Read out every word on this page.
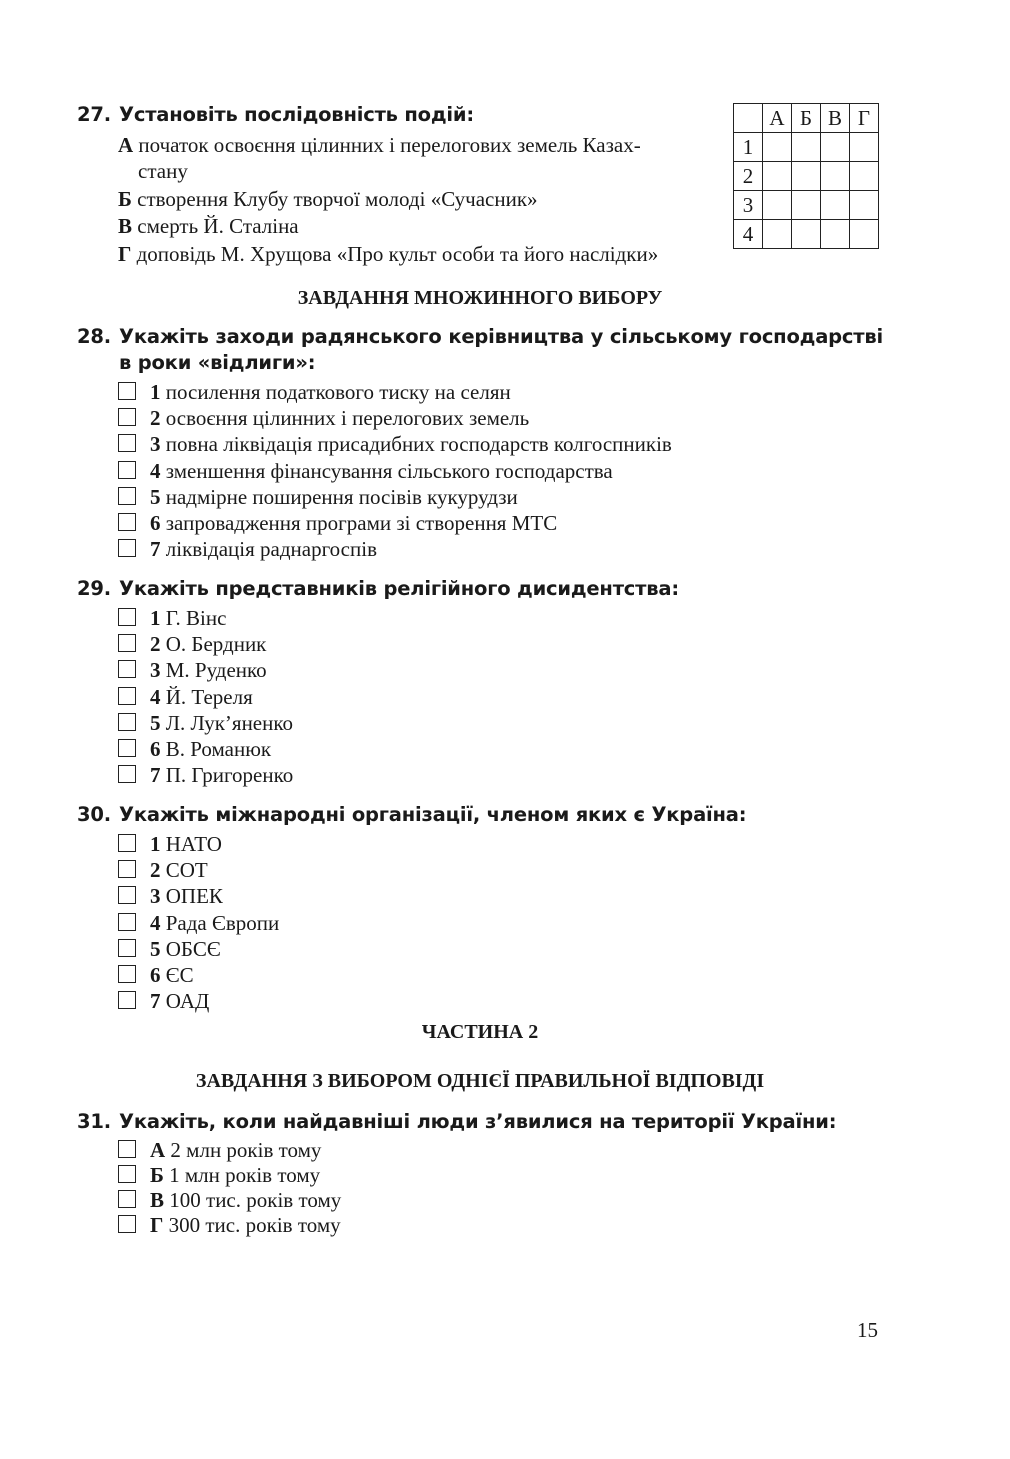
27. Установіть послідовність подій:
А початок освоєння цілинних і перелогових земель Казах-
стану
Б створення Клубу творчої молоді «Сучасник»
В смерть Й. Сталіна
Г доповідь М. Хрущова «Про культ особи та його наслідки»
	А	Б	В	Г
1				
2				
3				
4				
ЗАВДАННЯ МНОЖИННОГО ВИБОРУ
28. Укажіть заходи радянського керівництва у сільському господарстві в роки «відлиги»:
1 посилення податкового тиску на селян
2 освоєння цілинних і перелогових земель
3 повна ліквідація присадибних господарств колгоспників
4 зменшення фінансування сільського господарства
5 надмірне поширення посівів кукурудзи
6 запровадження програми зі створення МТС
7 ліквідація раднаргоспів
29. Укажіть представників релігійного дисидентства:
1 Г. Вінс
2 О. Бердник
3 М. Руденко
4 Й. Тереля
5 Л. Лук’яненко
6 В. Романюк
7 П. Григоренко
30. Укажіть міжнародні організації, членом яких є Україна:
1 НАТО
2 СОТ
3 ОПЕК
4 Рада Європи
5 ОБСЄ
6 ЄС
7 ОАД
ЧАСТИНА 2
ЗАВДАННЯ З ВИБОРОМ ОДНІЄЇ ПРАВИЛЬНОЇ ВІДПОВІДІ
31. Укажіть, коли найдавніші люди з’явилися на території України:
А 2 млн років тому
Б 1 млн років тому
В 100 тис. років тому
Г 300 тис. років тому
15
